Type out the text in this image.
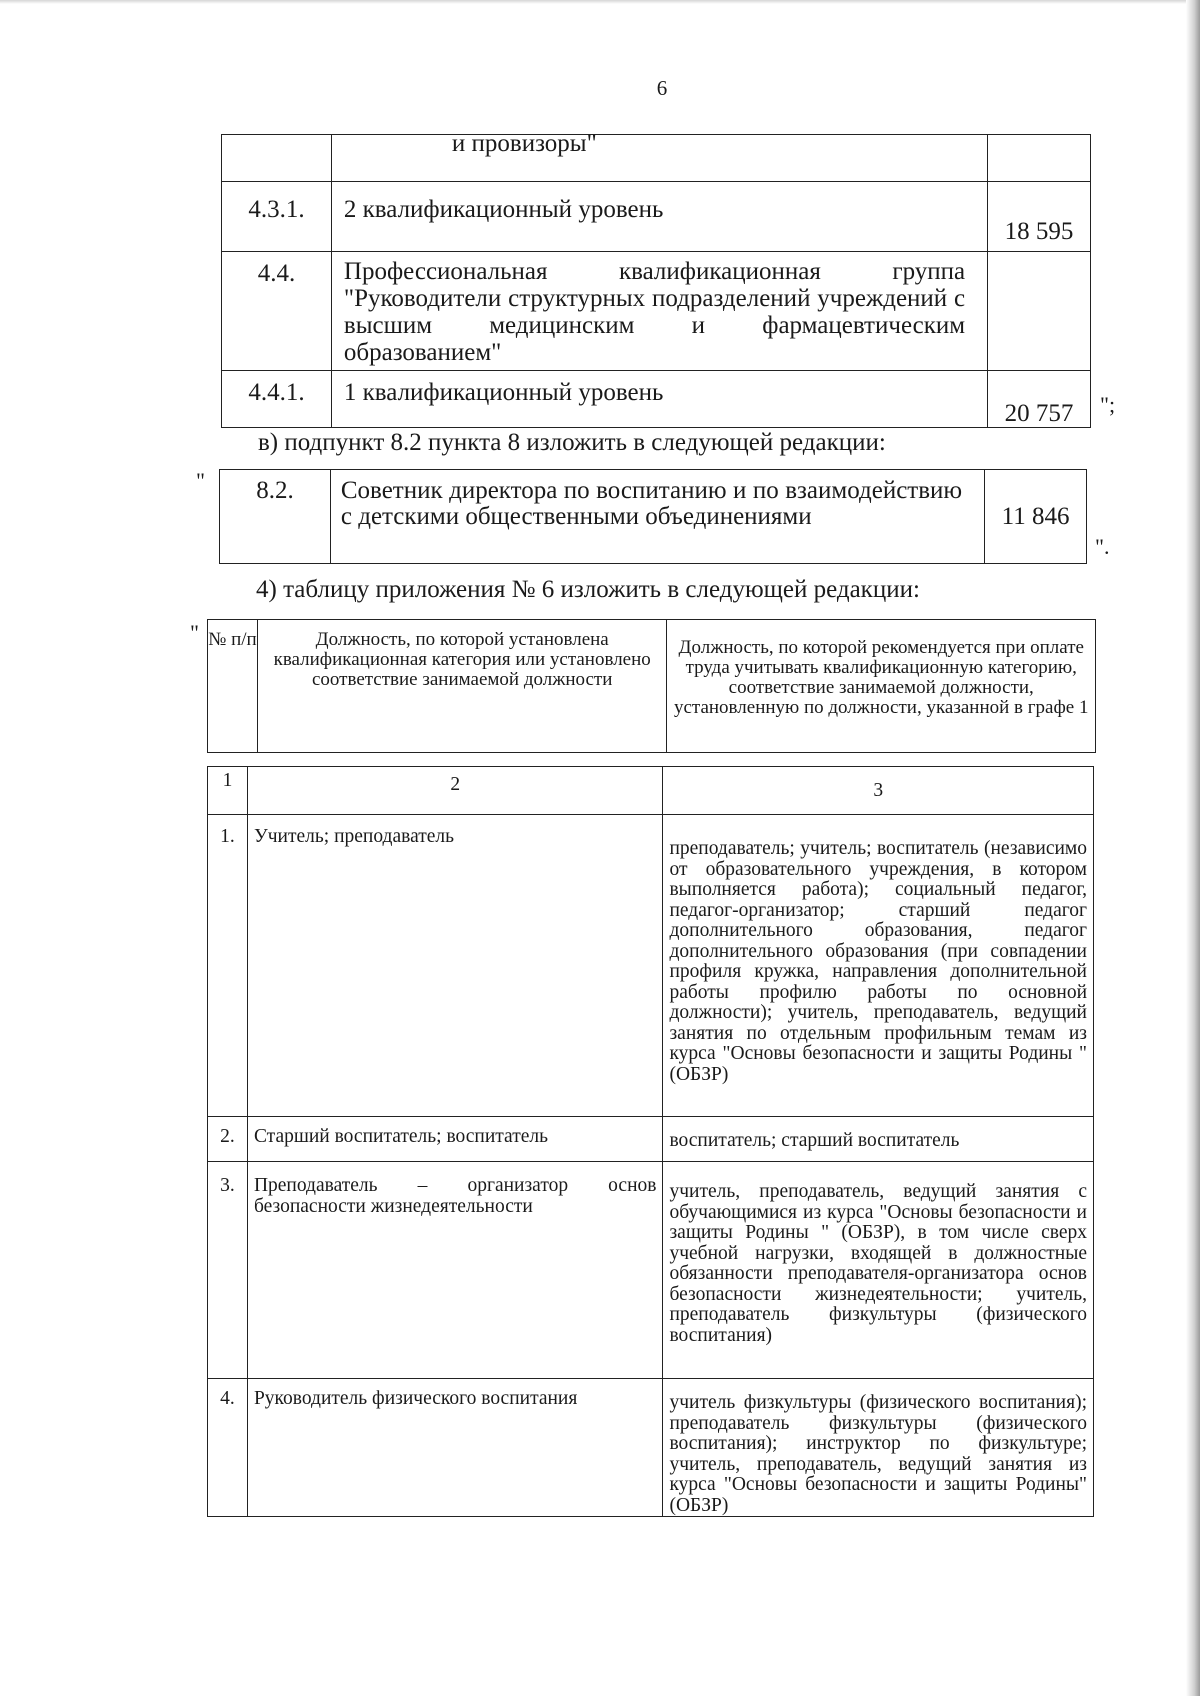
6
	и провизоры"	
4.3.1.	2 квалификационный уровень	18 595
4.4.	Профессиональная квалификационная группа "Руководители структурных подразделений учреждений с высшим медицинским и фармацевтическим образованием"	
4.4.1.	1 квалификационный уровень	20 757 ";
в) подпункт 8.2 пункта 8 изложить в следующей редакции:
" 8.2.	Советник директора по воспитанию и по взаимодействию с детскими общественными объединениями	11 846
".
4) таблицу приложения № 6 изложить в следующей редакции:
" № п/п	Должность, по которой установлена квалификационная категория или установлено соответствие занимаемой должности	Должность, по которой рекомендуется при оплате труда учитывать квалификационную категорию, соответствие занимаемой должности, установленную по должности, указанной в графе 1
1	2	3
1.	Учитель; преподаватель	преподаватель; учитель; воспитатель (независимо от образовательного учреждения, в котором выполняется работа); социальный педагог, педагог-организатор; старший педагог дополнительного образования, педагог дополнительного образования (при совпадении профиля кружка, направления дополнительной работы профилю работы по основной должности); учитель, преподаватель, ведущий занятия по отдельным профильным темам из курса "Основы безопасности и защиты Родины " (ОБЗР)
2.	Старший воспитатель; воспитатель	воспитатель; старший воспитатель
3.	Преподаватель – организатор основ безопасности жизнедеятельности	учитель, преподаватель, ведущий занятия с обучающимися из курса "Основы безопасности и защиты Родины " (ОБЗР), в том числе сверх учебной нагрузки, входящей в должностные обязанности преподавателя-организатора основ безопасности жизнедеятельности; учитель, преподаватель физкультуры (физического воспитания)
4.	Руководитель физического воспитания	учитель физкультуры (физического воспитания); преподаватель физкультуры (физического воспитания); инструктор по физкультуре; учитель, преподаватель, ведущий занятия из курса "Основы безопасности и защиты Родины" (ОБЗР)
